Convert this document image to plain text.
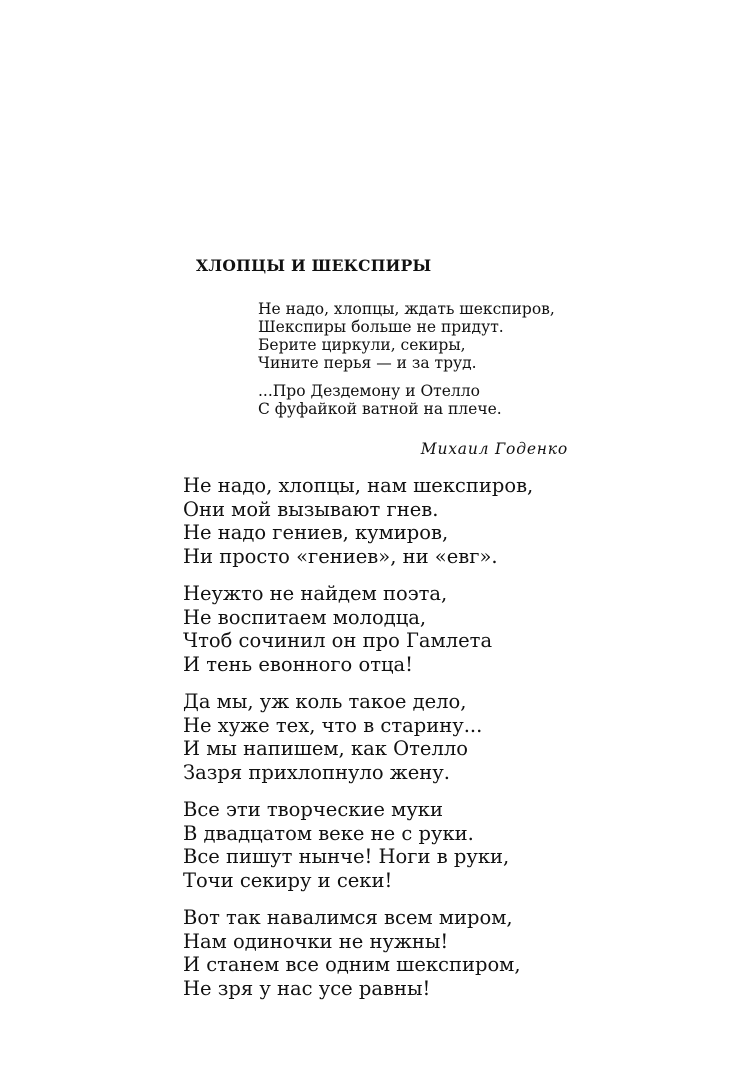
ХЛОПЦЫ И ШЕКСПИРЫ
Не надо, хлопцы, ждать шекспиров,
Шекспиры больше не придут.
Берите циркули, секиры,
Чините перья — и за труд.
...Про Дездемону и Отелло
С фуфайкой ватной на плече.
Михаил Годенко
Не надо, хлопцы, нам шекспиров,
Они мой вызывают гнев.
Не надо гениев, кумиров,
Ни просто «гениев», ни «евг».
Неужто не найдем поэта,
Не воспитаем молодца,
Чтоб сочинил он про Гамлета
И тень евонного отца!
Да мы, уж коль такое дело,
Не хуже тех, что в старину...
И мы напишем, как Отелло
Зазря прихлопнуло жену.
Все эти творческие муки
В двадцатом веке не с руки.
Все пишут нынче! Ноги в руки,
Точи секиру и секи!
Вот так навалимся всем миром,
Нам одиночки не нужны!
И станем все одним шекспиром,
Не зря у нас усе равны!
